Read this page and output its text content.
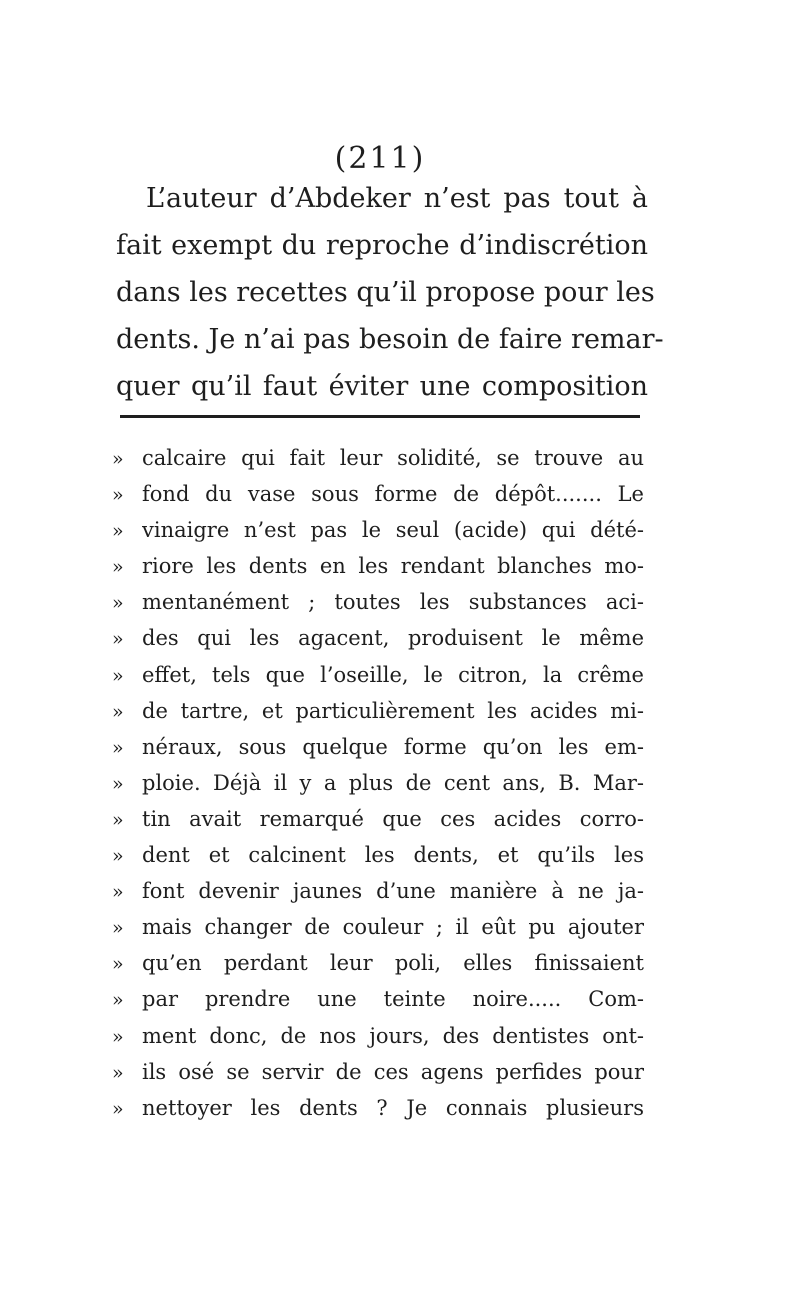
(211)
L’auteur d’Abdeker n’est pas tout à
fait exempt du reproche d’indiscrétion
dans les recettes qu’il propose pour les
dents. Je n’ai pas besoin de faire remar-
quer qu’il faut éviter une composition
» calcaire qui fait leur solidité, se trouve au
» fond du vase sous forme de dépôt....... Le
» vinaigre n’est pas le seul (acide) qui dété-
» riore les dents en les rendant blanches mo-
» mentanément ; toutes les substances aci-
» des qui les agacent, produisent le même
» effet, tels que l’oseille, le citron, la crême
» de tartre, et particulièrement les acides mi-
» néraux, sous quelque forme qu’on les em-
» ploie. Déjà il y a plus de cent ans, B. Mar-
» tin avait remarqué que ces acides corro-
» dent et calcinent les dents, et qu’ils les
» font devenir jaunes d’une manière à ne ja-
» mais changer de couleur ; il eût pu ajouter
» qu’en perdant leur poli, elles finissaient
» par prendre une teinte noire..... Com-
» ment donc, de nos jours, des dentistes ont-
» ils osé se servir de ces agens perfides pour
» nettoyer les dents ? Je connais plusieurs
